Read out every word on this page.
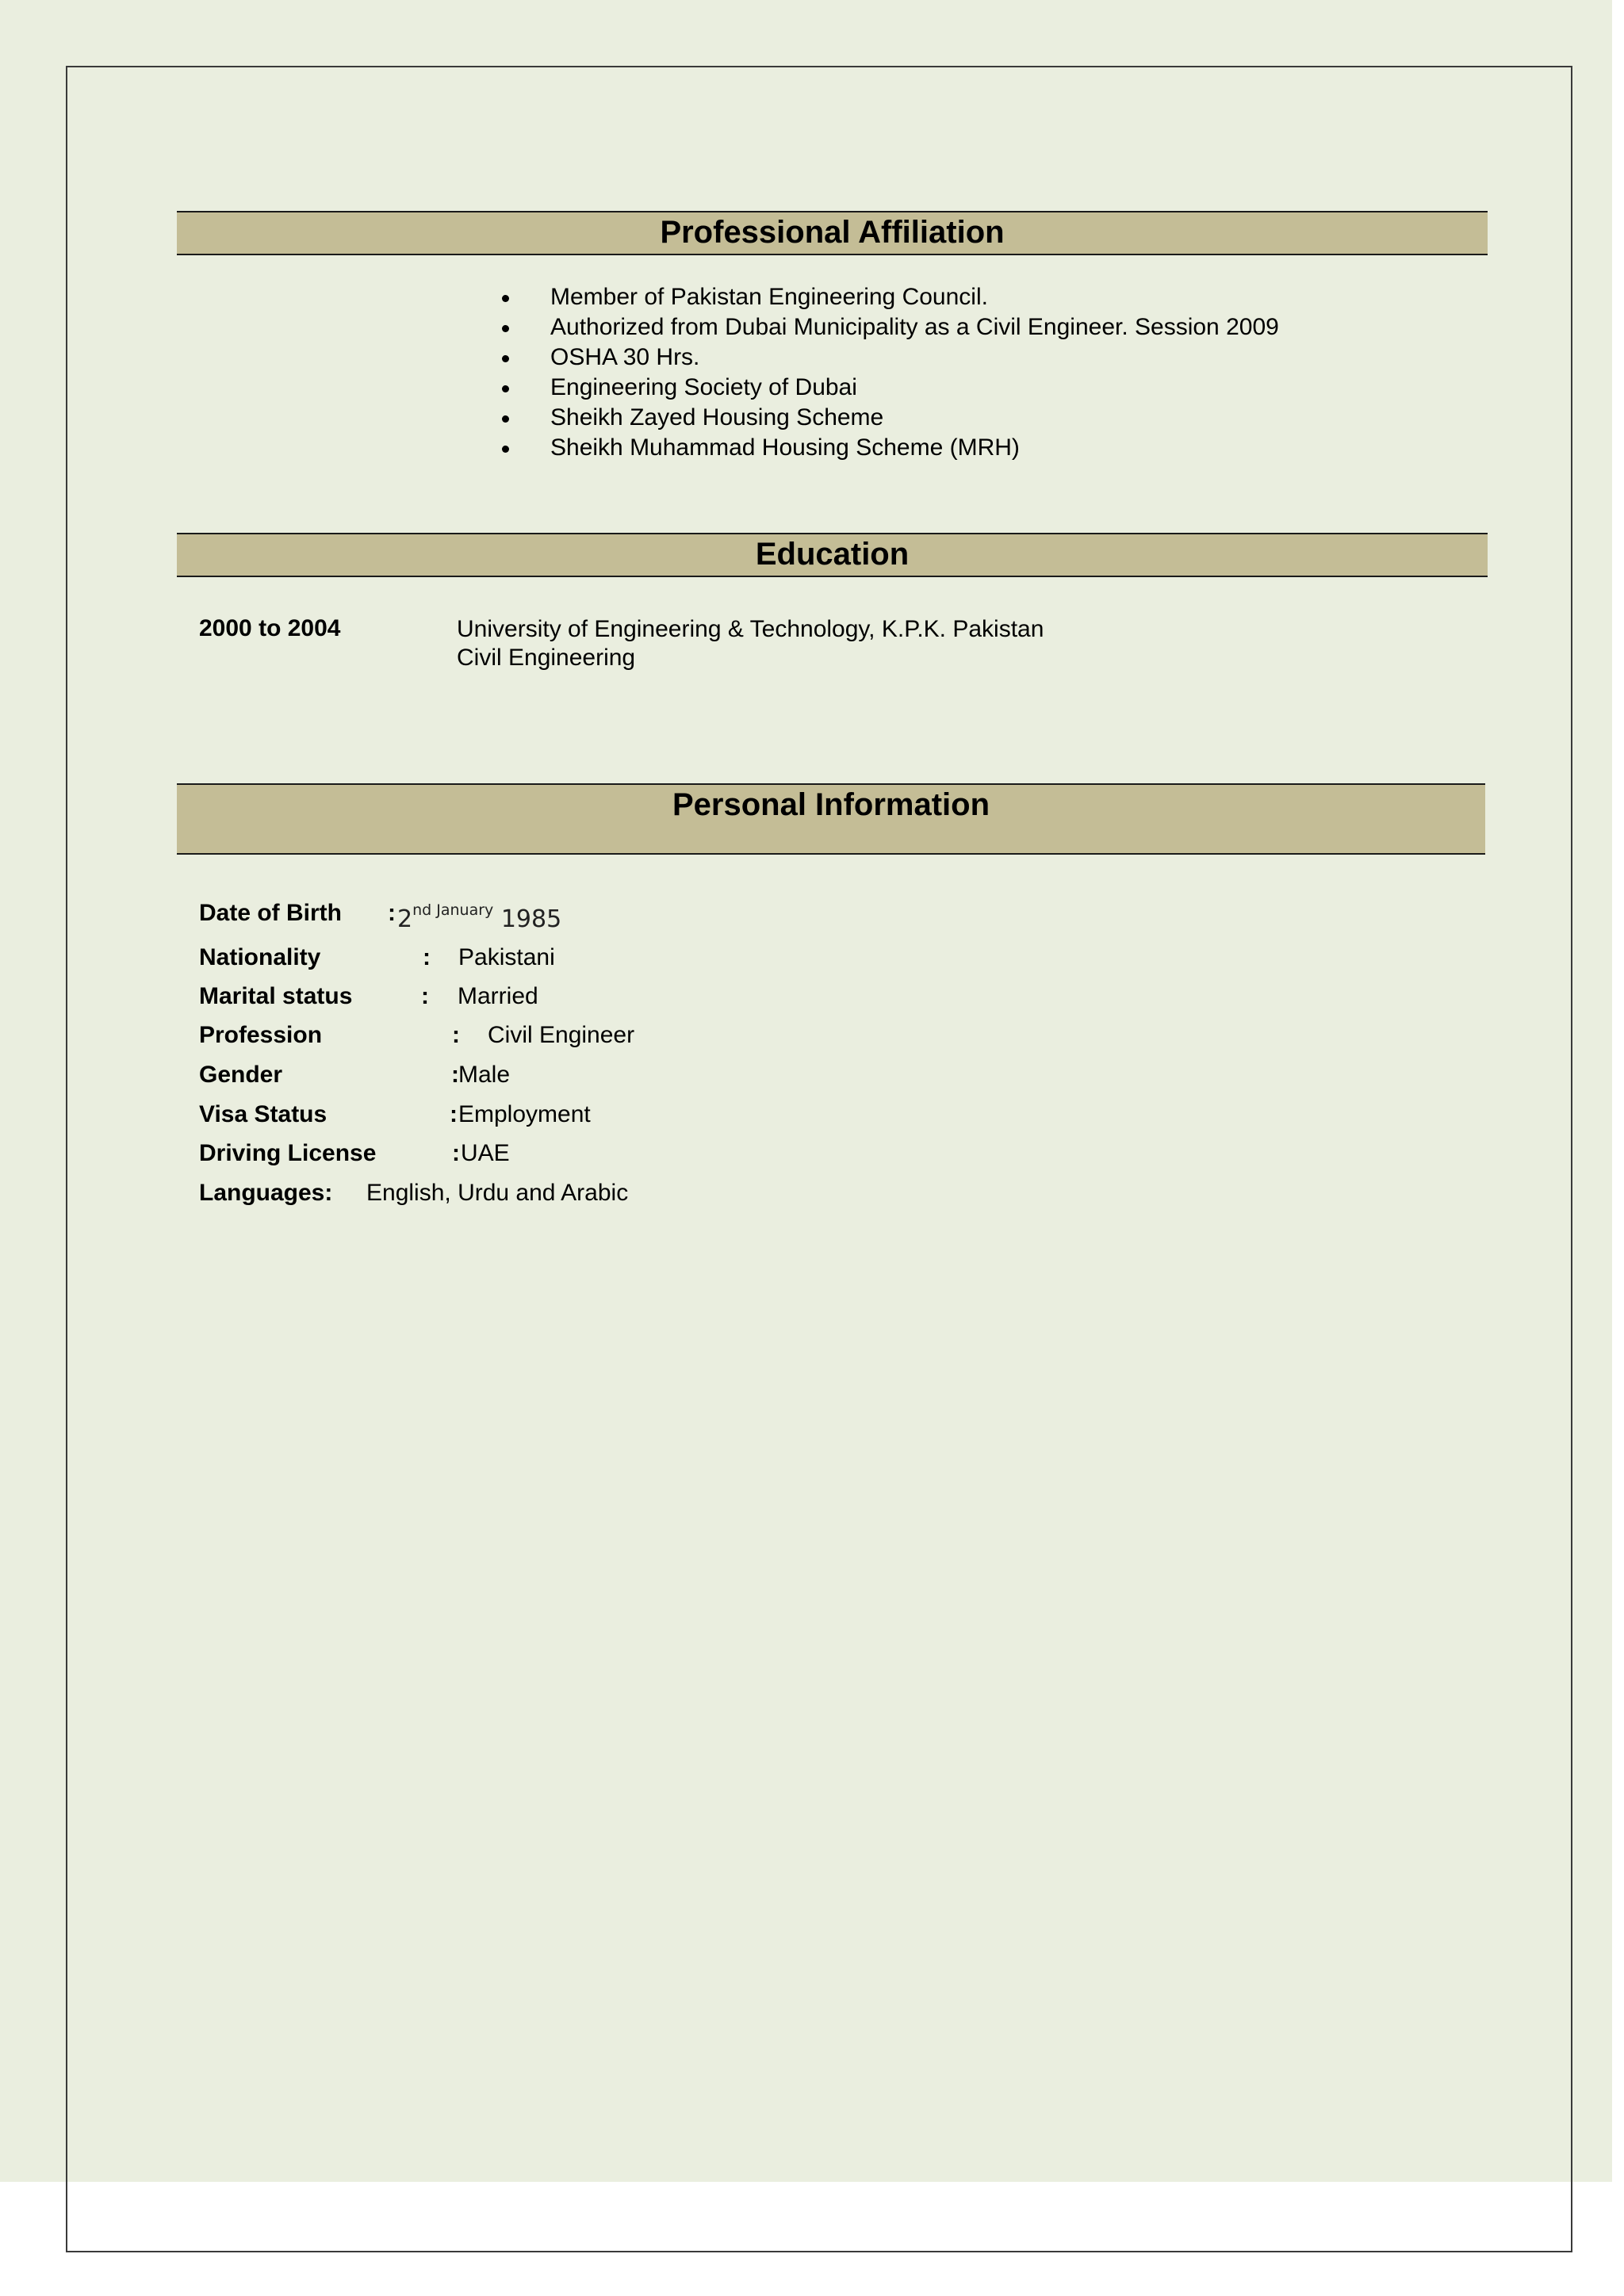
Professional Affiliation
Member of Pakistan Engineering Council.
Authorized from Dubai Municipality as a Civil Engineer. Session 2009
OSHA 30 Hrs.
Engineering Society of Dubai
Sheikh Zayed Housing Scheme
Sheikh Muhammad Housing Scheme (MRH)
Education
2000 to 2004	University of Engineering & Technology, K.P.K. Pakistan
Civil Engineering
Personal Information
Date of Birth : $2^{nd January}$ 1985
Nationality	: Pakistani
Marital status	: Married
Profession	: Civil Engineer
Gender	: Male
Visa Status	: Employment
Driving License	: UAE
Languages: English, Urdu and Arabic
